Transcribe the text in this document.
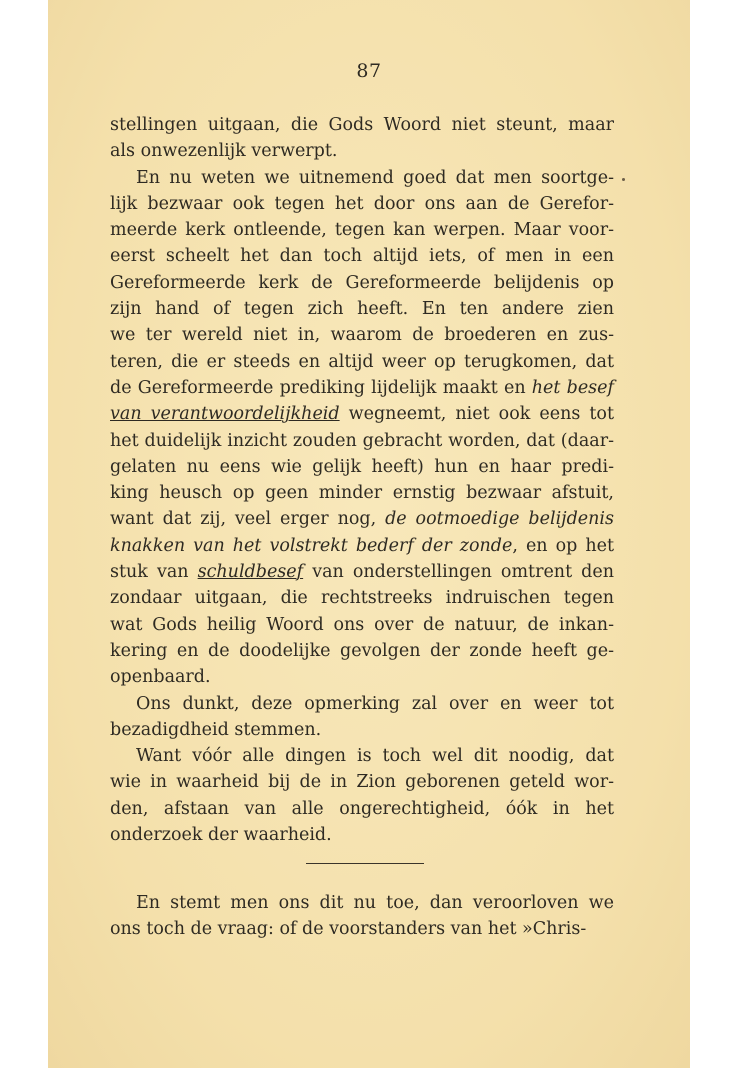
87

stellingen uitgaan, die Gods Woord niet steunt, maar
als onwezenlijk verwerpt.

En nu weten we uitnemend goed dat men soortge-
lijk bezwaar ook tegen het door ons aan de Gerefor-
meerde kerk ontleende, tegen kan werpen. Maar voor-
eerst scheelt het dan toch altijd iets, of men in een
Gereformeerde kerk de Gereformeerde belijdenis op
zijn hand of tegen zich heeft. En ten andere zien
we ter wereld niet in, waarom de broederen en zus-
teren, die er steeds en altijd weer op terugkomen, dat
de Gereformeerde prediking lijdelijk maakt en het besef
van verantwoordelijkheid wegneemt, niet ook eens tot
het duidelijk inzicht zouden gebracht worden, dat (daar-
gelaten nu eens wie gelijk heeft) hun en haar predi-
king heusch op geen minder ernstig bezwaar afstuit,
want dat zij, veel erger nog, de ootmoedige belijdenis
knakken van het volstrekt bederf der zonde, en op het
stuk van schuldbesef van onderstellingen omtrent den
zondaar uitgaan, die rechtstreeks indruischen tegen
wat Gods heilig Woord ons over de natuur, de inkan-
kering en de doodelijke gevolgen der zonde heeft ge-
openbaard.

Ons dunkt, deze opmerking zal over en weer tot
bezadigdheid stemmen.

Want vóór alle dingen is toch wel dit noodig, dat
wie in waarheid bij de in Zion geborenen geteld wor-
den, afstaan van alle ongerechtigheid, óók in het
onderzoek der waarheid.

En stemt men ons dit nu toe, dan veroorloven we
ons toch de vraag: of de voorstanders van het »Chris-
